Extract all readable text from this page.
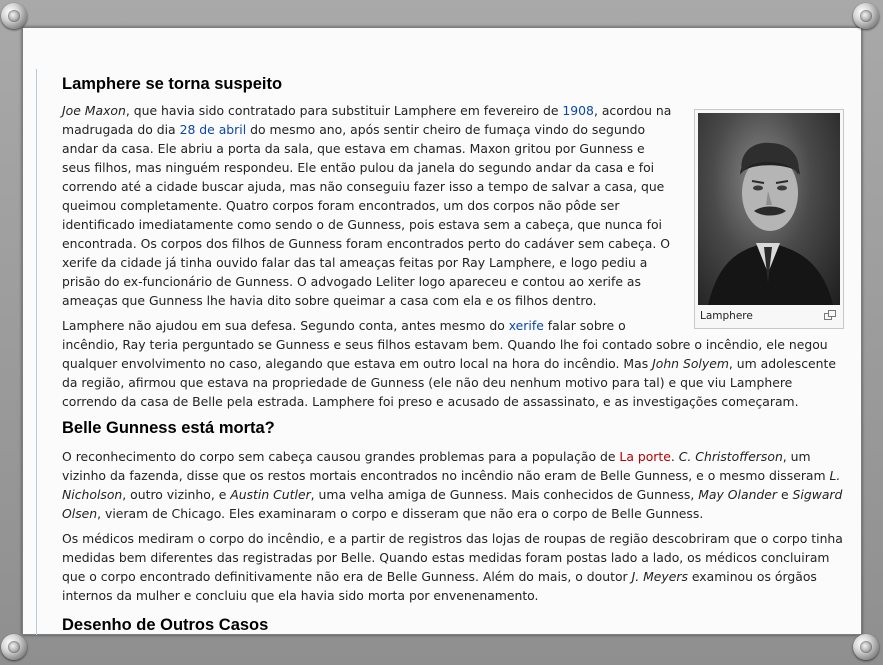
Lamphere se torna suspeito
Lamphere

Joe Maxon, que havia sido contratado para substituir Lamphere em fevereiro de 1908, acordou na madrugada do dia 28 de abril do mesmo ano, após sentir cheiro de fumaça vindo do segundo andar da casa. Ele abriu a porta da sala, que estava em chamas. Maxon gritou por Gunness e seus filhos, mas ninguém respondeu. Ele então pulou da janela do segundo andar da casa e foi correndo até a cidade buscar ajuda, mas não conseguiu fazer isso a tempo de salvar a casa, que queimou completamente. Quatro corpos foram encontrados, um dos corpos não pôde ser identificado imediatamente como sendo o de Gunness, pois estava sem a cabeça, que nunca foi encontrada. Os corpos dos filhos de Gunness foram encontrados perto do cadáver sem cabeça. O xerife da cidade já tinha ouvido falar das tal ameaças feitas por Ray Lamphere, e logo pediu a prisão do ex-funcionário de Gunness. O advogado Leliter logo apareceu e contou ao xerife as ameaças que Gunness lhe havia dito sobre queimar a casa com ela e os filhos dentro.

Lamphere não ajudou em sua defesa. Segundo conta, antes mesmo do xerife falar sobre o incêndio, Ray teria perguntado se Gunness e seus filhos estavam bem. Quando lhe foi contado sobre o incêndio, ele negou qualquer envolvimento no caso, alegando que estava em outro local na hora do incêndio. Mas John Solyem, um adolescente da região, afirmou que estava na propriedade de Gunness (ele não deu nenhum motivo para tal) e que viu Lamphere correndo da casa de Belle pela estrada. Lamphere foi preso e acusado de assassinato, e as investigações começaram.

Belle Gunness está morta?

O reconhecimento do corpo sem cabeça causou grandes problemas para a população de La porte. C. Christofferson, um vizinho da fazenda, disse que os restos mortais encontrados no incêndio não eram de Belle Gunness, e o mesmo disseram L. Nicholson, outro vizinho, e Austin Cutler, uma velha amiga de Gunness. Mais conhecidos de Gunness, May Olander e Sigward Olsen, vieram de Chicago. Eles examinaram o corpo e disseram que não era o corpo de Belle Gunness.

Os médicos mediram o corpo do incêndio, e a partir de registros das lojas de roupas de região descobriram que o corpo tinha medidas bem diferentes das registradas por Belle. Quando estas medidas foram postas lado a lado, os médicos concluiram que o corpo encontrado definitivamente não era de Belle Gunness. Além do mais, o doutor J. Meyers examinou os órgãos internos da mulher e concluiu que ela havia sido morta por envenenamento.

Desenho de Outros Casos
